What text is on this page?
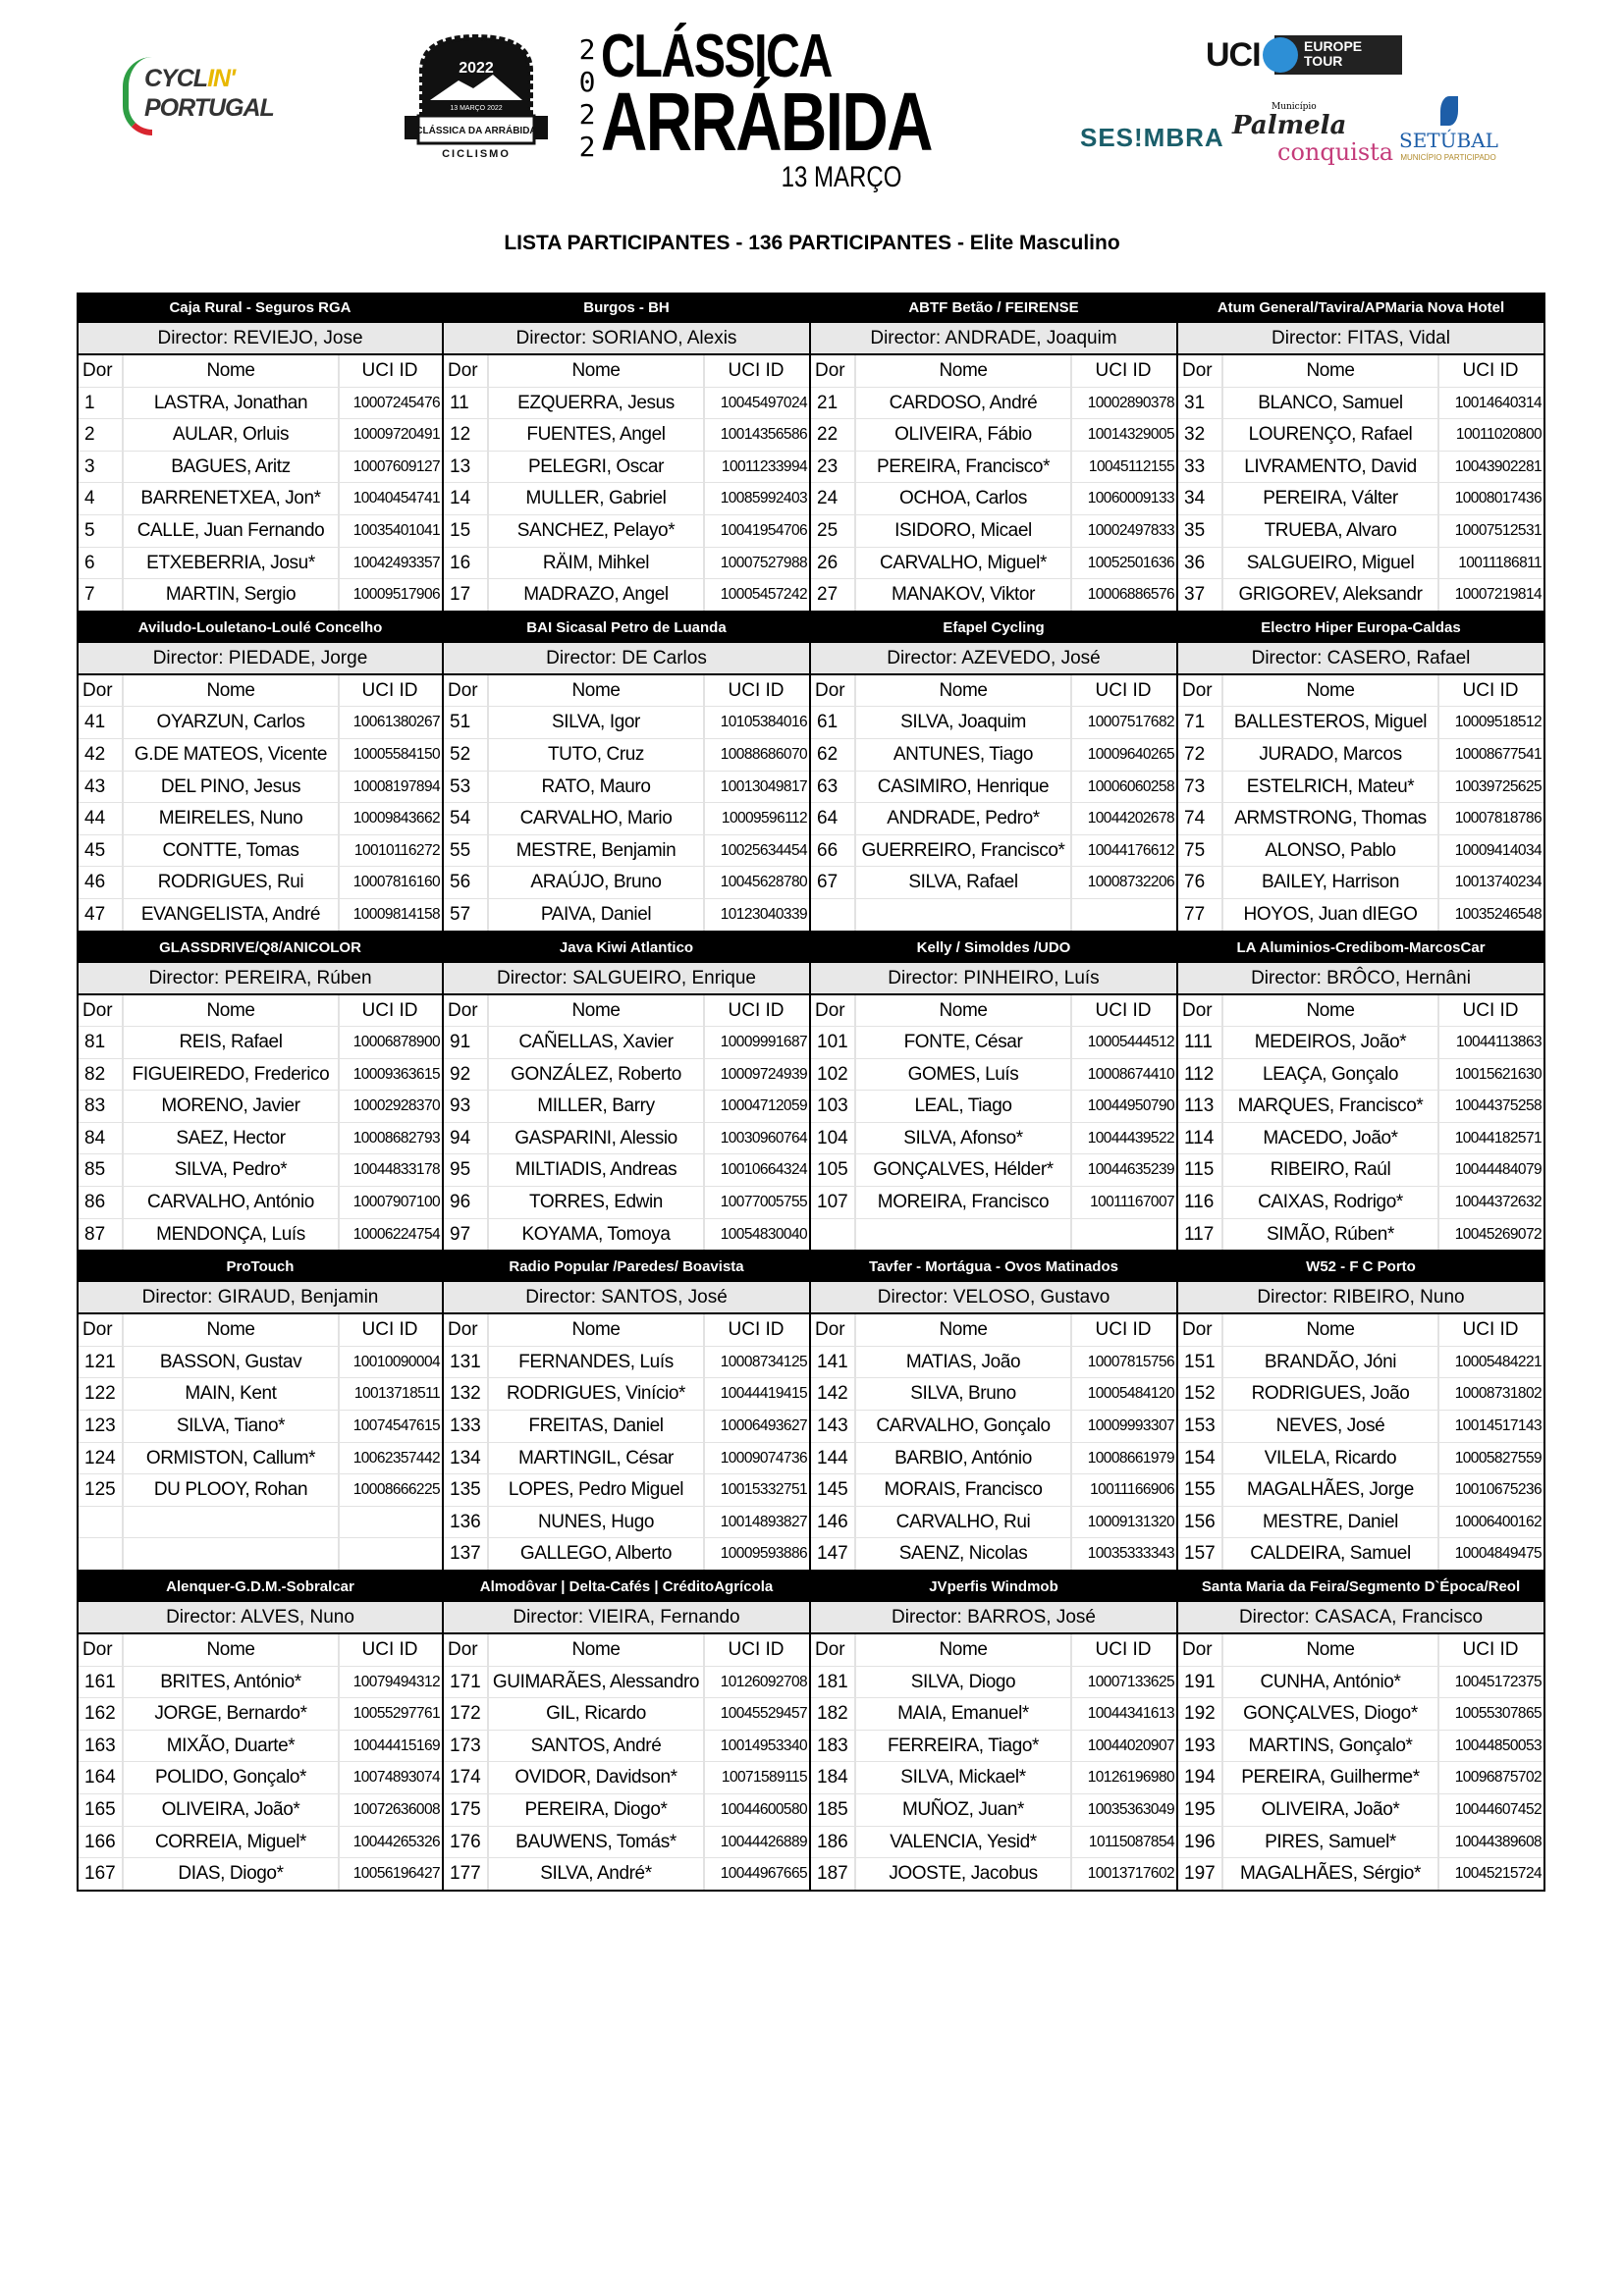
CYCLIN'
PORTUGAL
2022
13 MARÇO 2022
CLÁSSICA DA ARRÁBIDA
CICLISMO
2
0
2
2
CLÁSSICA
ARRÁBIDA
13 MARÇO
UCI	EUROPE
TOUR
SES!MBRA
Município
Palmela
conquista SETÚBAL
MUNICÍPIO PARTICIPADO
LISTA PARTICIPANTES - 136 PARTICIPANTES - Elite Masculino
Caja Rural - Seguros RGA
Director: REVIEJO, Jose
Dor	Nome	UCI ID
1	LASTRA, Jonathan	10007245476
2	AULAR, Orluis	10009720491
3	BAGUES, Aritz	10007609127
4	BARRENETXEA, Jon*	10040454741
5	CALLE, Juan Fernando	10035401041
6	ETXEBERRIA, Josu*	10042493357
7	MARTIN, Sergio	10009517906
Burgos - BH
Director: SORIANO, Alexis
Dor	Nome	UCI ID
11	EZQUERRA, Jesus	10045497024
12	FUENTES, Angel	10014356586
13	PELEGRI, Oscar	10011233994
14	MULLER, Gabriel	10085992403
15	SANCHEZ, Pelayo*	10041954706
16	RÄIM, Mihkel	10007527988
17	MADRAZO, Angel	10005457242
ABTF Betão / FEIRENSE
Director: ANDRADE, Joaquim
Dor	Nome	UCI ID
21	CARDOSO, André	10002890378
22	OLIVEIRA, Fábio	10014329005
23	PEREIRA, Francisco*	10045112155
24	OCHOA, Carlos	10060009133
25	ISIDORO, Micael	10002497833
26	CARVALHO, Miguel*	10052501636
27	MANAKOV, Viktor	10006886576
Atum General/Tavira/APMaria Nova Hotel
Director: FITAS, Vidal
Dor	Nome	UCI ID
31	BLANCO, Samuel	10014640314
32	LOURENÇO, Rafael	10011020800
33	LIVRAMENTO, David	10043902281
34	PEREIRA, Válter	10008017436
35	TRUEBA, Alvaro	10007512531
36	SALGUEIRO, Miguel	10011186811
37	GRIGOREV, Aleksandr	10007219814
Aviludo-Louletano-Loulé Concelho
Director: PIEDADE, Jorge
Dor	Nome	UCI ID
41	OYARZUN, Carlos	10061380267
42	G.DE MATEOS, Vicente	10005584150
43	DEL PINO, Jesus	10008197894
44	MEIRELES, Nuno	10009843662
45	CONTTE, Tomas	10010116272
46	RODRIGUES, Rui	10007816160
47	EVANGELISTA, André	10009814158
BAI Sicasal Petro de Luanda
Director: DE Carlos
Dor	Nome	UCI ID
51	SILVA, Igor	10105384016
52	TUTO, Cruz	10088686070
53	RATO, Mauro	10013049817
54	CARVALHO, Mario	10009596112
55	MESTRE, Benjamin	10025634454
56	ARAÚJO, Bruno	10045628780
57	PAIVA, Daniel	10123040339
Efapel Cycling
Director: AZEVEDO, José
Dor	Nome	UCI ID
61	SILVA, Joaquim	10007517682
62	ANTUNES, Tiago	10009640265
63	CASIMIRO, Henrique	10006060258
64	ANDRADE, Pedro*	10044202678
66	GUERREIRO, Francisco*	10044176612
67	SILVA, Rafael	10008732206
Electro Hiper Europa-Caldas
Director: CASERO, Rafael
Dor	Nome	UCI ID
71	BALLESTEROS, Miguel	10009518512
72	JURADO, Marcos	10008677541
73	ESTELRICH, Mateu*	10039725625
74	ARMSTRONG, Thomas	10007818786
75	ALONSO, Pablo	10009414034
76	BAILEY, Harrison	10013740234
77	HOYOS, Juan dIEGO	10035246548
GLASSDRIVE/Q8/ANICOLOR
Director: PEREIRA, Rúben
Dor	Nome	UCI ID
81	REIS, Rafael	10006878900
82	FIGUEIREDO, Frederico	10009363615
83	MORENO, Javier	10002928370
84	SAEZ, Hector	10008682793
85	SILVA, Pedro*	10044833178
86	CARVALHO, António	10007907100
87	MENDONÇA, Luís	10006224754
Java Kiwi Atlantico
Director: SALGUEIRO, Enrique
Dor	Nome	UCI ID
91	CAÑELLAS, Xavier	10009991687
92	GONZÁLEZ, Roberto	10009724939
93	MILLER, Barry	10004712059
94	GASPARINI, Alessio	10030960764
95	MILTIADIS, Andreas	10010664324
96	TORRES, Edwin	10077005755
97	KOYAMA, Tomoya	10054830040
Kelly / Simoldes /UDO
Director: PINHEIRO, Luís
Dor	Nome	UCI ID
101	FONTE, César	10005444512
102	GOMES, Luís	10008674410
103	LEAL, Tiago	10044950790
104	SILVA, Afonso*	10044439522
105	GONÇALVES, Hélder*	10044635239
107	MOREIRA, Francisco	10011167007
LA Aluminios-Credibom-MarcosCar
Director: BRÔCO, Hernâni
Dor	Nome	UCI ID
111	MEDEIROS, João*	10044113863
112	LEAÇA, Gonçalo	10015621630
113	MARQUES, Francisco*	10044375258
114	MACEDO, João*	10044182571
115	RIBEIRO, Raúl	10044484079
116	CAIXAS, Rodrigo*	10044372632
117	SIMÃO, Rúben*	10045269072
ProTouch
Director: GIRAUD, Benjamin
Dor	Nome	UCI ID
121	BASSON, Gustav	10010090004
122	MAIN, Kent	10013718511
123	SILVA, Tiano*	10074547615
124	ORMISTON, Callum*	10062357442
125	DU PLOOY, Rohan	10008666225
Radio Popular /Paredes/ Boavista
Director: SANTOS, José
Dor	Nome	UCI ID
131	FERNANDES, Luís	10008734125
132	RODRIGUES, Vinício*	10044419415
133	FREITAS, Daniel	10006493627
134	MARTINGIL, César	10009074736
135	LOPES, Pedro Miguel	10015332751
136	NUNES, Hugo	10014893827
137	GALLEGO, Alberto	10009593886
Tavfer - Mortágua - Ovos Matinados
Director: VELOSO, Gustavo
Dor	Nome	UCI ID
141	MATIAS, João	10007815756
142	SILVA, Bruno	10005484120
143	CARVALHO, Gonçalo	10009993307
144	BARBIO, António	10008661979
145	MORAIS, Francisco	10011166906
146	CARVALHO, Rui	10009131320
147	SAENZ, Nicolas	10035333343
W52 - F C Porto
Director: RIBEIRO, Nuno
Dor	Nome	UCI ID
151	BRANDÃO, Jóni	10005484221
152	RODRIGUES, João	10008731802
153	NEVES, José	10014517143
154	VILELA, Ricardo	10005827559
155	MAGALHÃES, Jorge	10010675236
156	MESTRE, Daniel	10006400162
157	CALDEIRA, Samuel	10004849475
Alenquer-G.D.M.-Sobralcar
Director: ALVES, Nuno
Dor	Nome	UCI ID
161	BRITES, António*	10079494312
162	JORGE, Bernardo*	10055297761
163	MIXÃO, Duarte*	10044415169
164	POLIDO, Gonçalo*	10074893074
165	OLIVEIRA, João*	10072636008
166	CORREIA, Miguel*	10044265326
167	DIAS, Diogo*	10056196427
Almodôvar | Delta-Cafés | CréditoAgrícola
Director: VIEIRA, Fernando
Dor	Nome	UCI ID
171 GUIMARÃES, Alessandro	10126092708
172	GIL, Ricardo	10045529457
173	SANTOS, André	10014953340
174	OVIDOR, Davidson*	10071589115
175	PEREIRA, Diogo*	10044600580
176	BAUWENS, Tomás*	10044426889
177	SILVA, André*	10044967665
JVperfis Windmob
Director: BARROS, José
Dor	Nome	UCI ID
181	SILVA, Diogo	10007133625
182	MAIA, Emanuel*	10044341613
183	FERREIRA, Tiago*	10044020907
184	SILVA, Mickael*	10126196980
185	MUÑOZ, Juan*	10035363049
186	VALENCIA, Yesid*	10115087854
187	JOOSTE, Jacobus	10013717602
Santa Maria da Feira/Segmento D`Época/Reol
Director: CASACA, Francisco
Dor	Nome	UCI ID
191	CUNHA, António*	10045172375
192	GONÇALVES, Diogo*	10055307865
193	MARTINS, Gonçalo*	10044850053
194	PEREIRA, Guilherme*	10096875702
195	OLIVEIRA, João*	10044607452
196	PIRES, Samuel*	10044389608
197	MAGALHÃES, Sérgio*	10045215724
